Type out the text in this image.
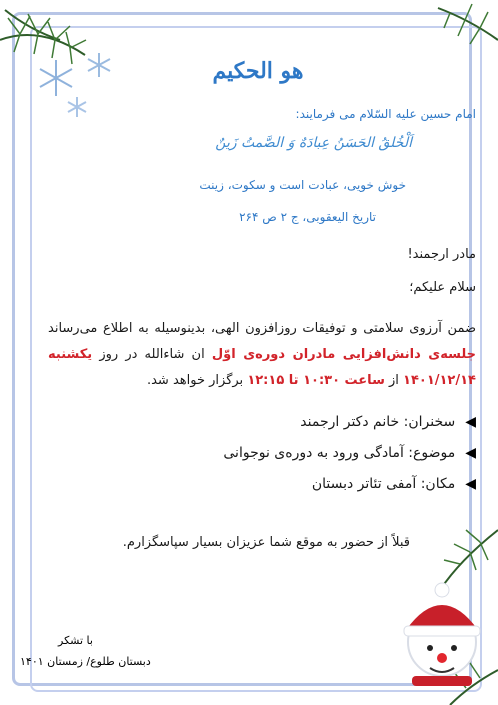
هو الحکیم
امام حسین علیه السّلام می فرمایند:
اَلْخُلقُ الحَسَنُ عِبادَهٌ وَ الصَّمتُ زَینٌ
خوش خویی، عبادت است و سکوت، زینت
تاریخ الیعقوبی، ج ۲ ص ۲۶۴
مادر ارجمند!
سلام علیکم؛
ضمن آرزوی سلامتی و توفیقات روزافزون الهی، بدینوسیله به اطلاع می‌رساند جلسه‌ی دانش‌افزایی مادران دوره‌ی اوّل ان شاءالله در روز یکشنبه ۱۴۰۱/۱۲/۱۴ از ساعت ۱۰:۳۰ تا ۱۲:۱۵ برگزار خواهد شد.
◀
سخنران: خانم دکتر ارجمند
◀
موضوع: آمادگی ورود به دوره‌ی نوجوانی
◀
مکان: آمفی تئاتر دبستان
قبلاً از حضور به موقع شما عزیزان بسیار سپاسگزارم.
با تشکر
دبستان طلوع/ زمستان ۱۴۰۱
